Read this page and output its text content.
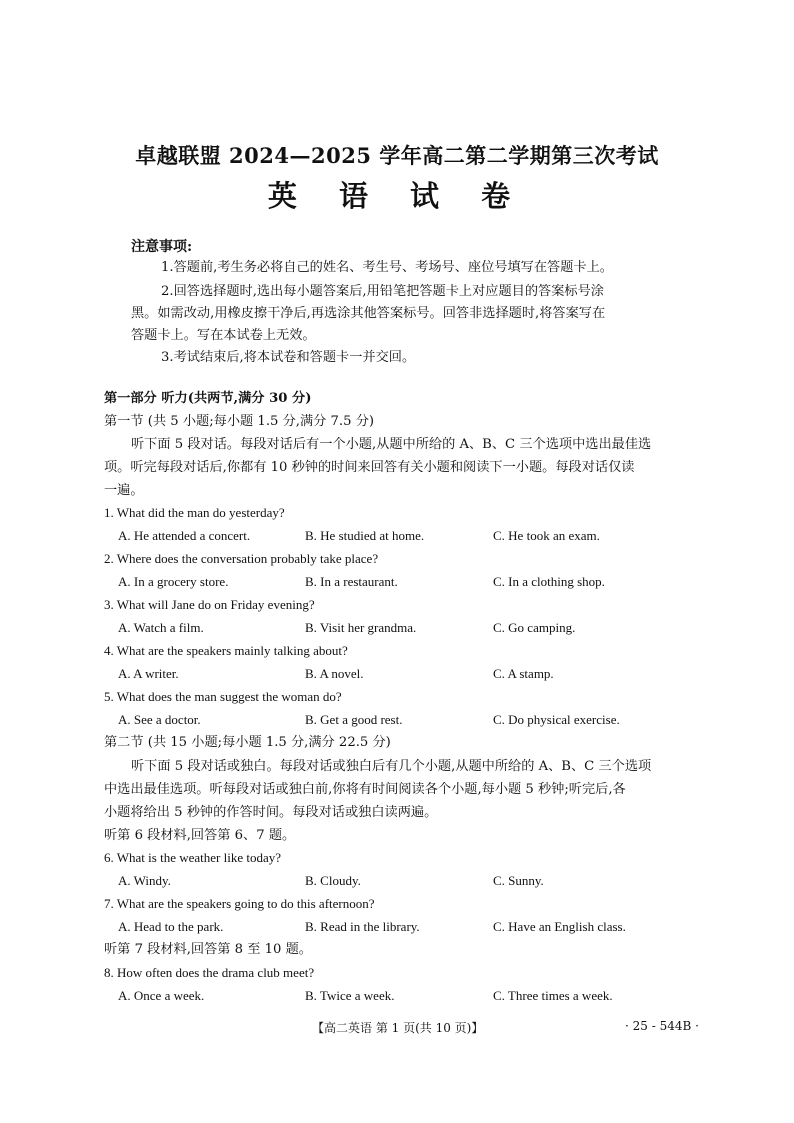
卓越联盟 2024—2025 学年高二第二学期第三次考试
英 语 试 卷
注意事项:
1.答题前,考生务必将自己的姓名、考生号、考场号、座位号填写在答题卡上。
2.回答选择题时,选出每小题答案后,用铅笔把答题卡上对应题目的答案标号涂
黑。如需改动,用橡皮擦干净后,再选涂其他答案标号。回答非选择题时,将答案写在
答题卡上。写在本试卷上无效。
3.考试结束后,将本试卷和答题卡一并交回。
第一部分 听力(共两节,满分 30 分)
第一节 (共 5 小题;每小题 1.5 分,满分 7.5 分)
听下面 5 段对话。每段对话后有一个小题,从题中所给的 A、B、C 三个选项中选出最佳选
项。听完每段对话后,你都有 10 秒钟的时间来回答有关小题和阅读下一小题。每段对话仅读
一遍。
1. What did the man do yesterday?
A. He attended a concert.	B. He studied at home.	C. He took an exam.
2. Where does the conversation probably take place?
A. In a grocery store.	B. In a restaurant.	C. In a clothing shop.
3. What will Jane do on Friday evening?
A. Watch a film.	B. Visit her grandma.	C. Go camping.
4. What are the speakers mainly talking about?
A. A writer.	B. A novel.	C. A stamp.
5. What does the man suggest the woman do?
A. See a doctor.	B. Get a good rest.	C. Do physical exercise.
第二节 (共 15 小题;每小题 1.5 分,满分 22.5 分)
听下面 5 段对话或独白。每段对话或独白后有几个小题,从题中所给的 A、B、C 三个选项
中选出最佳选项。听每段对话或独白前,你将有时间阅读各个小题,每小题 5 秒钟;听完后,各
小题将给出 5 秒钟的作答时间。每段对话或独白读两遍。
听第 6 段材料,回答第 6、7 题。
6. What is the weather like today?
A. Windy.	B. Cloudy.	C. Sunny.
7. What are the speakers going to do this afternoon?
A. Head to the park.	B. Read in the library.	C. Have an English class.
听第 7 段材料,回答第 8 至 10 题。
8. How often does the drama club meet?
A. Once a week.	B. Twice a week.	C. Three times a week.
【高二英语 第 1 页(共 10 页)】	· 25 - 544B ·
